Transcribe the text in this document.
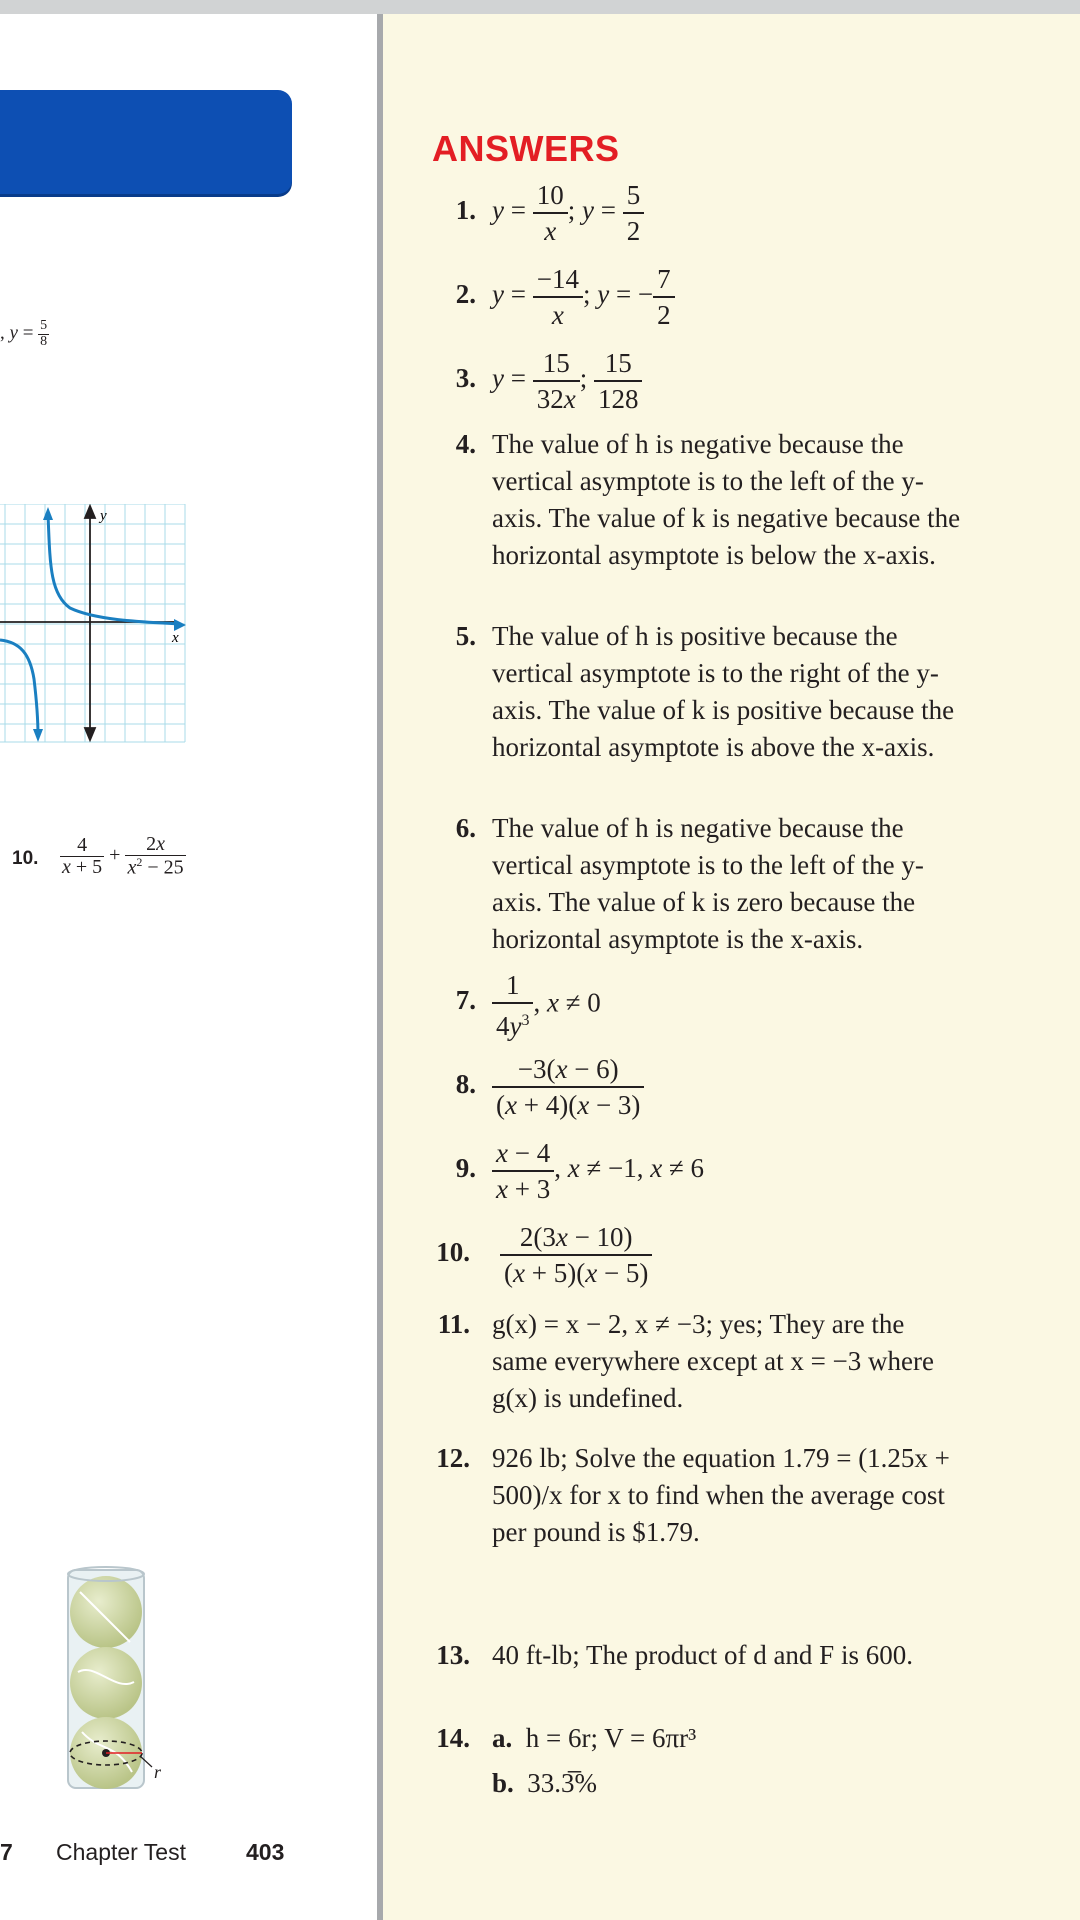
, $y = \frac{5}{8}$
y
x
10. $\frac{4}{x + 5} + \frac{2x}{x^2 - 25}$
r
7 Chapter Test	403
ANSWERS
1. $y = \frac{10}{x}$ ; $y = \frac{5}{2}$
2. $y = \frac{-14}{x}$ ; y = − $\frac{7}{2}$
3. $y = \frac{15}{32x}$ ; $\frac{15}{128}$
4. The value of h is negative because the vertical asymptote is to the left of the y-axis. The value of k is negative because the horizontal asymptote is below the x-axis.
5. The value of h is positive because the vertical asymptote is to the right of the y-axis. The value of k is positive because the horizontal asymptote is above the x-axis.
6. The value of h is negative because the vertical asymptote is to the left of the y-axis. The value of k is zero because the horizontal asymptote is the x-axis.
7. $\frac{1}{4y^3}$ , x ≠ 0
8. $\frac{-3(x - 6)}{(x + 4)(x - 3)}$
9. $\frac{x - 4}{x + 3}$ , x ≠ −1, x ≠ 6
10. $\frac{2(3x - 10)}{(x + 5)(x - 5)}$
11. g(x) = x − 2, x ≠ −3; yes; They are the same everywhere except at x = −3 where g(x) is undefined.
12. 926 lb; Solve the equation 1.79 = (1.25x + 500)/x for x to find when the average cost per pound is $1.79.
13. 40 ft-lb; The product of d and F is 600.
14. a. h = 6r; V = 6πr³
b. 33.3̅%
